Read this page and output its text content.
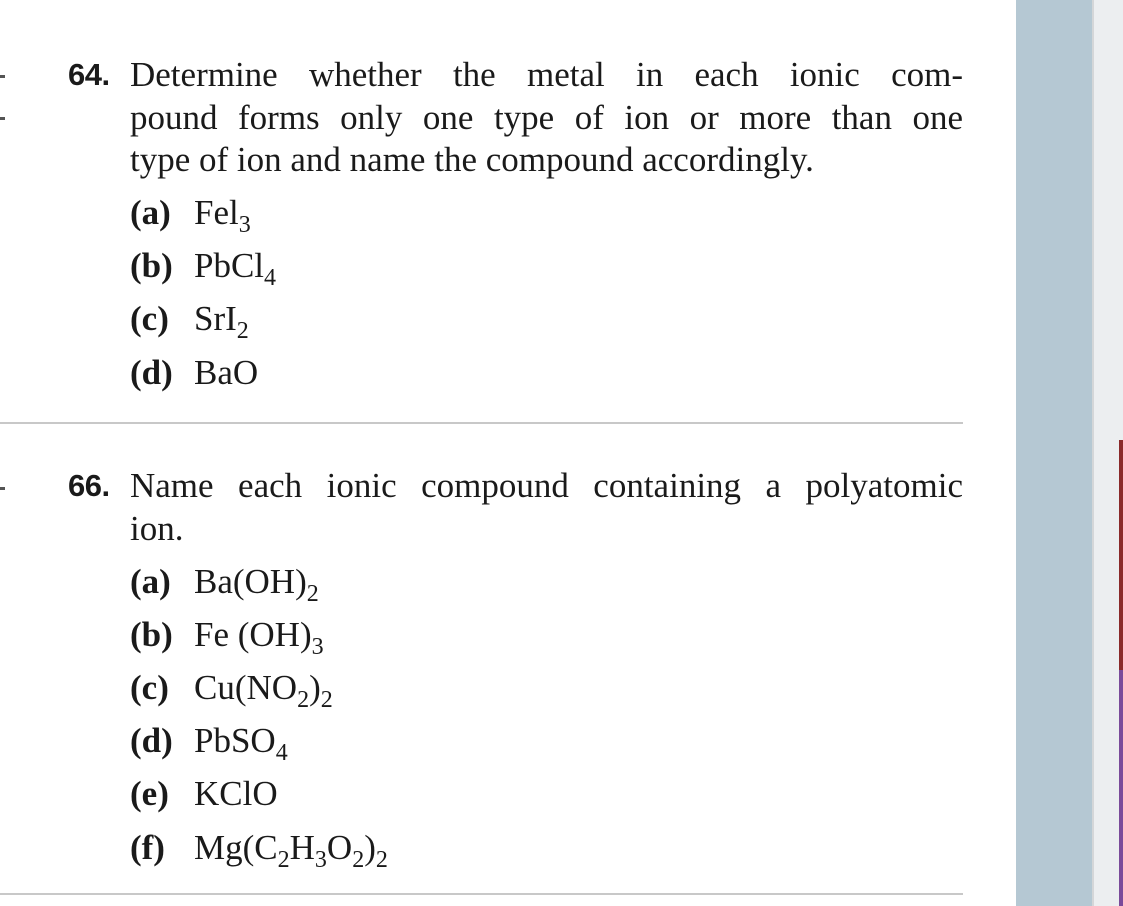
64. Determine whether the metal in each ionic com-
pound forms only one type of ion or more than one
type of ion and name the compound accordingly.
(a) Fel$_3$
(b) PbCl$_4$
(c) SrI$_2$
(d) BaO
66. Name each ionic compound containing a polyatomic
ion.
(a) $Ba(OH)_2$
(b) Fe $(OH)_3$
(c) $Cu(NO_2)_2$
(d) PbSO$_4$
(e) KClO
(f) $Mg(C_2H_3O_2)_2$
